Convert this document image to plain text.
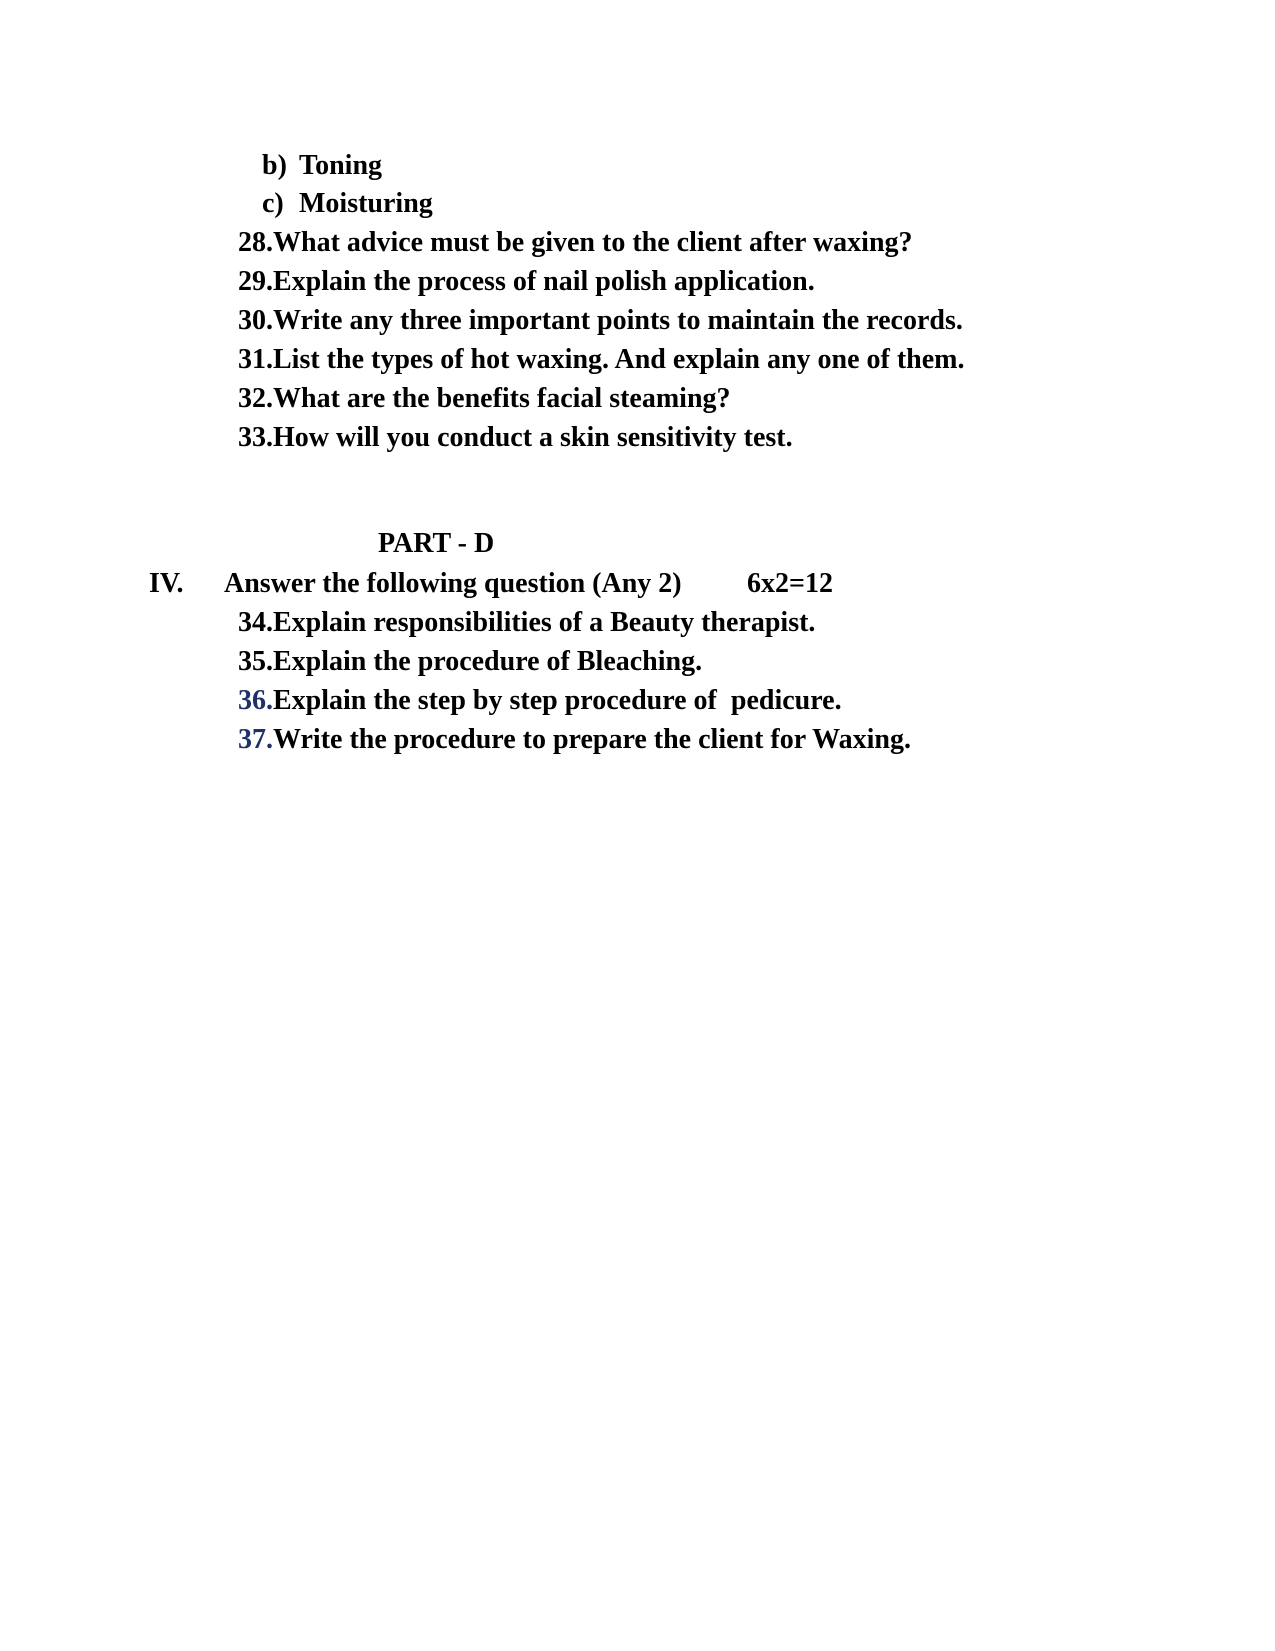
b) Toning
c) Moisturing
28.What advice must be given to the client after waxing?
29.Explain the process of nail polish application.
30.Write any three important points to maintain the records.
31.List the types of hot waxing. And explain any one of them.
32.What are the benefits facial steaming?
33.How will you conduct a skin sensitivity test.
PART - D
IV. Answer the following question (Any 2) 6x2=12
34.Explain responsibilities of a Beauty therapist.
35.Explain the procedure of Bleaching.
36.Explain the step by step procedure of  pedicure.
37.Write the procedure to prepare the client for Waxing.
